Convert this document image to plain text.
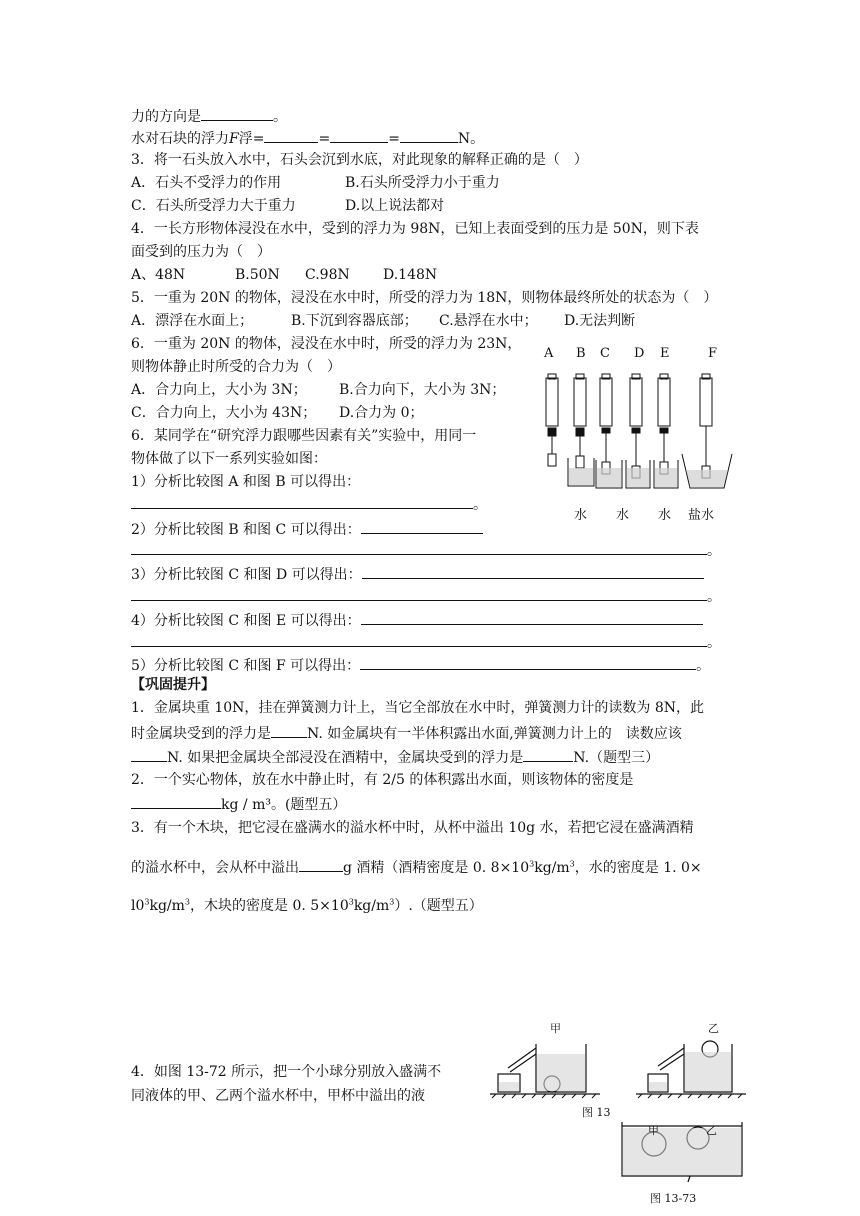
力的方向是	。
水对石块的浮力F浮=	=	=	N。
3．将一石头放入水中，石头会沉到水底，对此现象的解释正确的是（　）
A．石头不受浮力的作用	B.石头所受浮力小于重力
C．石头所受浮力大于重力	D.以上说法都对
4．一长方形物体浸没在水中，受到的浮力为 98N，已知上表面受到的压力是 50N，则下表
面受到的压力为（　）
A、48N	B.50N C.98N D.148N
5．一重为 20N 的物体，浸没在水中时，所受的浮力为 18N，则物体最终所处的状态为（　）
A．漂浮在水面上；	B.下沉到容器底部； C.悬浮在水中； D.无法判断
6．一重为 20N 的物体，浸没在水中时，所受的浮力为 23N，
则物体静止时所受的合力为（　）
A．合力向上，大小为 3N； B.合力向下，大小为 3N；
C．合力向上，大小为 43N； D.合力为 0；
6．某同学在“研究浮力跟哪些因素有关”实验中，用同一
物体做了以下一系列实验如图：
1）分析比较图 A 和图 B 可以得出：
。
2）分析比较图 B 和图 C 可以得出：
。
3）分析比较图 C 和图 D 可以得出：
。
4）分析比较图 C 和图 E 可以得出：
。
5）分析比较图 C 和图 F 可以得出：	。
【巩固提升】
1．金属块重 10N，挂在弹簧测力计上，当它全部放在水中时，弹簧测力计的读数为 8N，此
时金属块受到的浮力是	N. 如金属块有一半体积露出水面,弹簧测力计上的　读数应该
N. 如果把金属块全部浸没在酒精中，金属块受到的浮力是	N.（题型三）
2．一个实心物体，放在水中静止时，有 2/5 的体积露出水面，则该物体的密度是
kg / m³。(题型五）
3．有一个木块，把它浸在盛满水的溢水杯中时，从杯中溢出 10g 水，若把它浸在盛满酒精
的溢水杯中，会从杯中溢出	g 酒精（酒精密度是 0. $8\times 10^3kg/m^3$，水的密度是 1. 0×
$l0^3kg/m^3$，木块的密度是 0. $5\times 10^3kg/m^3$）.（题型五）
4．如图 13-72 所示，把一个小球分别放入盛满不
同液体的甲、乙两个溢水杯中，甲杯中溢出的液
A B C D E	F
水 水 水 盐水
甲	乙
图 13
甲	乙
图 13-73
